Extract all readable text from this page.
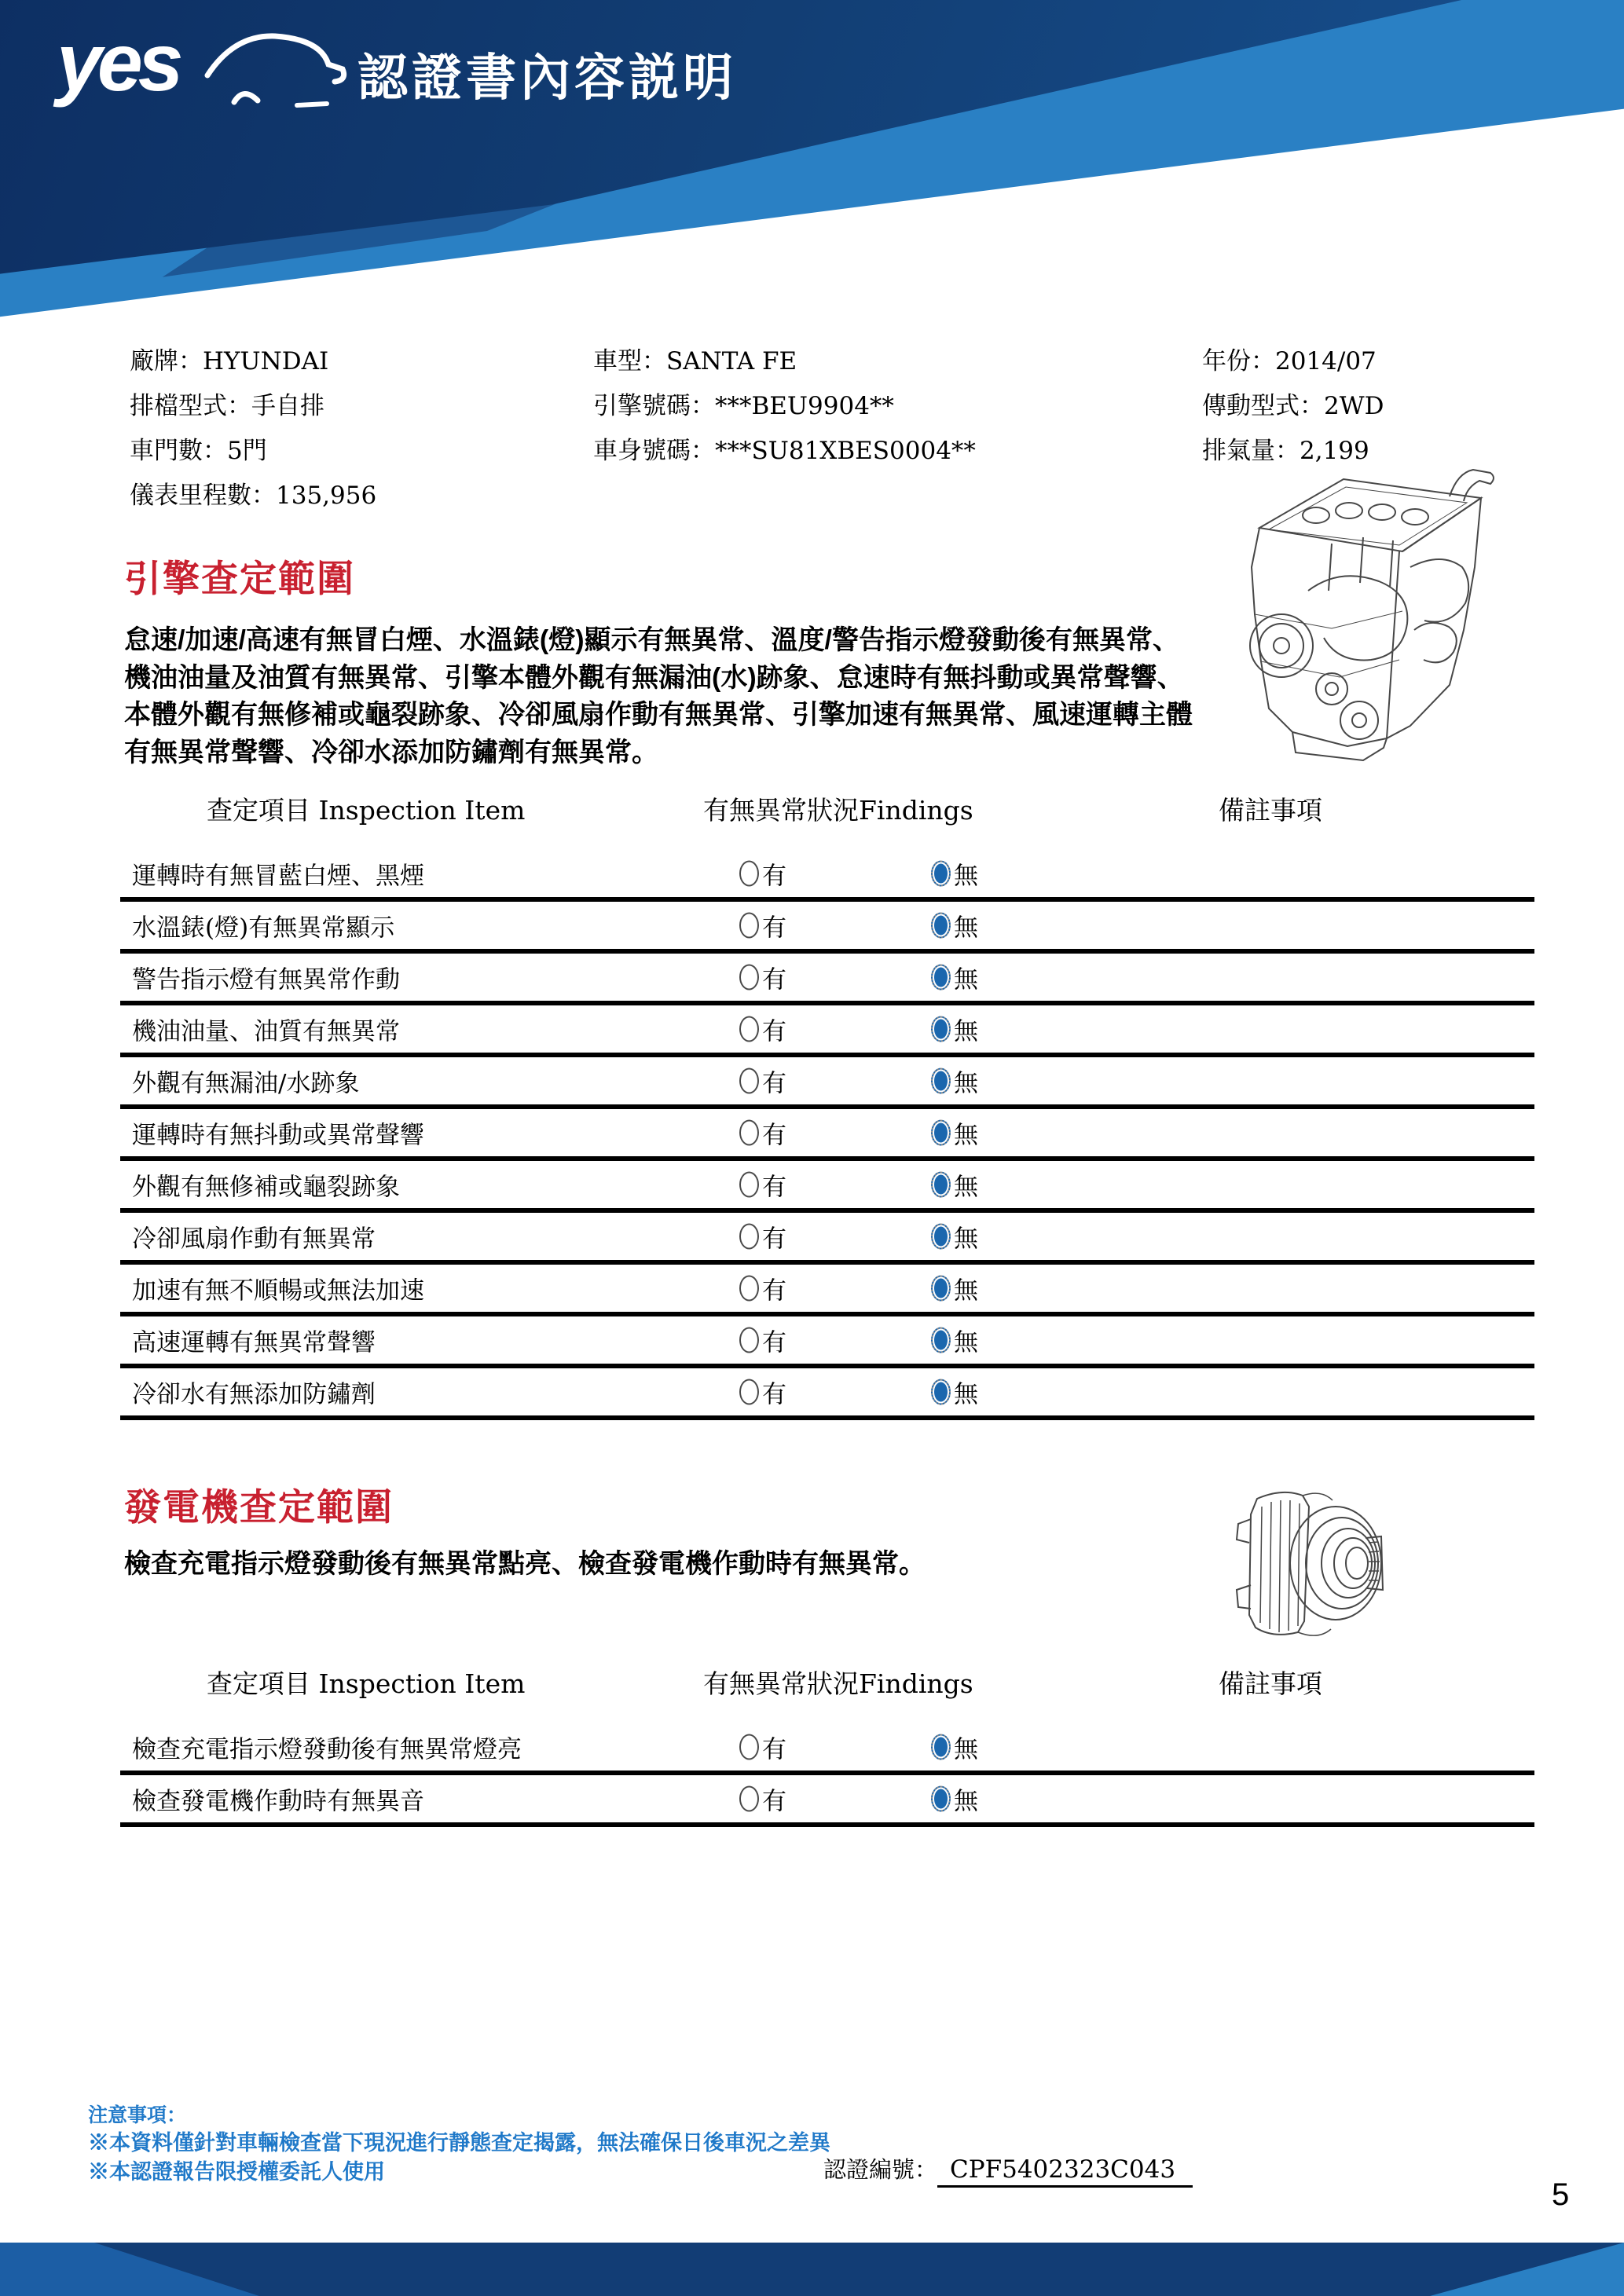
yes	認證書內容説明
廠牌：HYUNDAI
排檔型式：手自排
車門數：5門
儀表里程數：135,956
車型：SANTA FE
引擎號碼：***BEU9904**
車身號碼：***SU81XBES0004**
年份：2014/07
傳動型式：2WD
排氣量：2,199
引擎查定範圍
怠速/加速/高速有無冒白煙、水溫錶(燈)顯示有無異常、溫度/警告指示燈發動後有無異常、
機油油量及油質有無異常、引擎本體外觀有無漏油(水)跡象、怠速時有無抖動或異常聲響、
本體外觀有無修補或龜裂跡象、冷卻風扇作動有無異常、引擎加速有無異常、風速運轉主體
有無異常聲響、冷卻水添加防鏽劑有無異常。
查定項目 Inspection Item	有無異常狀況Findings	備註事項
運轉時有無冒藍白煙、黑煙	有	無
水溫錶(燈)有無異常顯示	有	無
警告指示燈有無異常作動	有	無
機油油量、油質有無異常	有	無
外觀有無漏油/水跡象	有	無
運轉時有無抖動或異常聲響	有	無
外觀有無修補或龜裂跡象	有	無
冷卻風扇作動有無異常	有	無
加速有無不順暢或無法加速	有	無
高速運轉有無異常聲響	有	無
冷卻水有無添加防鏽劑	有	無
發電機查定範圍
檢查充電指示燈發動後有無異常點亮、檢查發電機作動時有無異常。
查定項目 Inspection Item	有無異常狀況Findings	備註事項
檢查充電指示燈發動後有無異常燈亮	有	無
檢查發電機作動時有無異音	有	無
注意事項：
※本資料僅針對車輛檢查當下現況進行靜態查定揭露，無法確保日後車況之差異
※本認證報告限授權委託人使用	認證編號： CPF5402323C043
5
